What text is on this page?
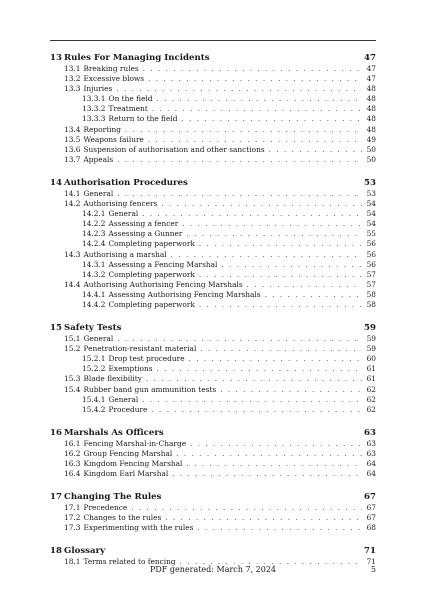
13 Rules For Managing Incidents	47
13.1 Breaking rules . . .	47
13.2 Excessive blows . . .	47
13.3 Injuries . . .	48
13.3.1 On the field . . .	48
13.3.2 Treatment . . .	48
13.3.3 Return to the field . . .	48
13.4 Reporting . . .	48
13.5 Weapons failure . . .	49
13.6 Suspension of authorisation and other sanctions . . .	50
13.7 Appeals . . .	50
14 Authorisation Procedures	53
14.1 General . . .	53
14.2 Authorising fencers . . .	54
14.2.1 General . . .	54
14.2.2 Assessing a fencer . . .	54
14.2.3 Assessing a Gunner . . .	55
14.2.4 Completing paperwork . . .	56
14.3 Authorising a marshal . . .	56
14.3.1 Assessing a Fencing Marshal . . .	56
14.3.2 Completing paperwork . . .	57
14.4 Authorising Authorising Fencing Marshals . . .	57
14.4.1 Assessing Authorising Fencing Marshals . . .	58
14.4.2 Completing paperwork . . .	58
15 Safety Tests	59
15.1 General . . .	59
15.2 Penetration-resistant material . . .	59
15.2.1 Drop test procedure . . .	60
15.2.2 Exemptions . . .	61
15.3 Blade flexibility . . .	61
15.4 Rubber band gun ammunition tests . . .	62
15.4.1 General . . .	62
15.4.2 Procedure . . .	62
16 Marshals As Officers	63
16.1 Fencing Marshal-in-Charge . . .	63
16.2 Group Fencing Marshal . . .	63
16.3 Kingdom Fencing Marshal . . .	64
16.4 Kingdom Earl Marshal . . .	64
17 Changing The Rules	67
17.1 Precedence . . .	67
17.2 Changes to the rules . . .	67
17.3 Experimenting with the rules . . .	68
18 Glossary	71
18.1 Terms related to fencing . . .	71
PDF generated: March 7, 2024	5
